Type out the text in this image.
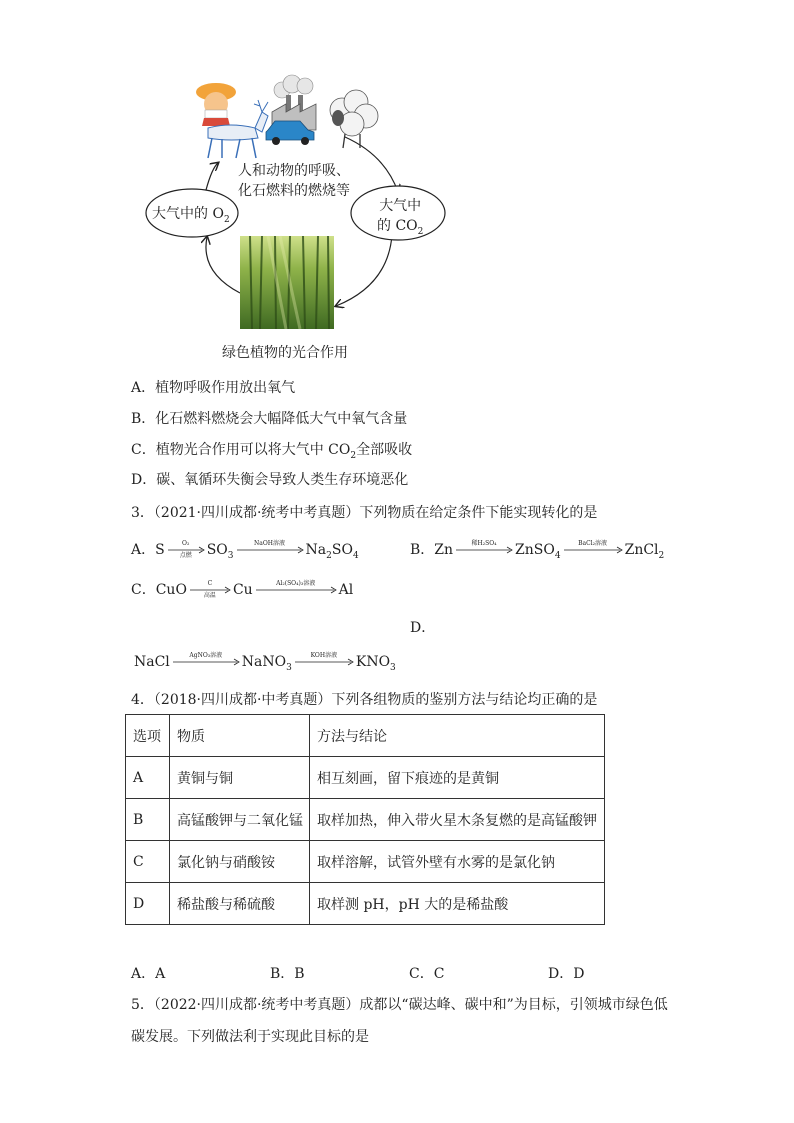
人和动物的呼吸、
化石燃料的燃烧等
大气中的 $O_2$
大气中
的 $CO_2$
绿色植物的光合作用
A．植物呼吸作用放出氧气
B．化石燃料燃烧会大幅降低大气中氧气含量
C．植物光合作用可以将大气中 $CO_2$全部吸收
D．碳、氧循环失衡会导致人类生存环境恶化
3．（2021·四川成都·统考中考真题）下列物质在给定条件下能实现转化的是
A．S	O₂
点燃	$SO_3$
NaOH溶液	$Na_2SO_4$	B．Zn	稀H₂SO₄	ZnSO$_4$
BaCl₂溶液	ZnCl$_2$
C．CuO	C
高温	Cu	Al₂(SO₄)₃溶液	Al
D．
NaCl	AgNO₃溶液	NaNO$_3$
KOH溶液	$KNO_3$
4．（2018·四川成都·中考真题）下列各组物质的鉴别方法与结论均正确的是
选项	物质	方法与结论
A	黄铜与铜	相互刻画，留下痕迹的是黄铜
B	高锰酸钾与二氧化锰	取样加热，伸入带火星木条复燃的是高锰酸钾
C	氯化钠与硝酸铵	取样溶解，试管外壁有水雾的是氯化钠
D	稀盐酸与稀硫酸	取样测 pH，pH 大的是稀盐酸
A．A	B．B	C．C	D．D
5．（2022·四川成都·统考中考真题）成都以“碳达峰、碳中和”为目标，引领城市绿色低
碳发展。下列做法利于实现此目标的是
